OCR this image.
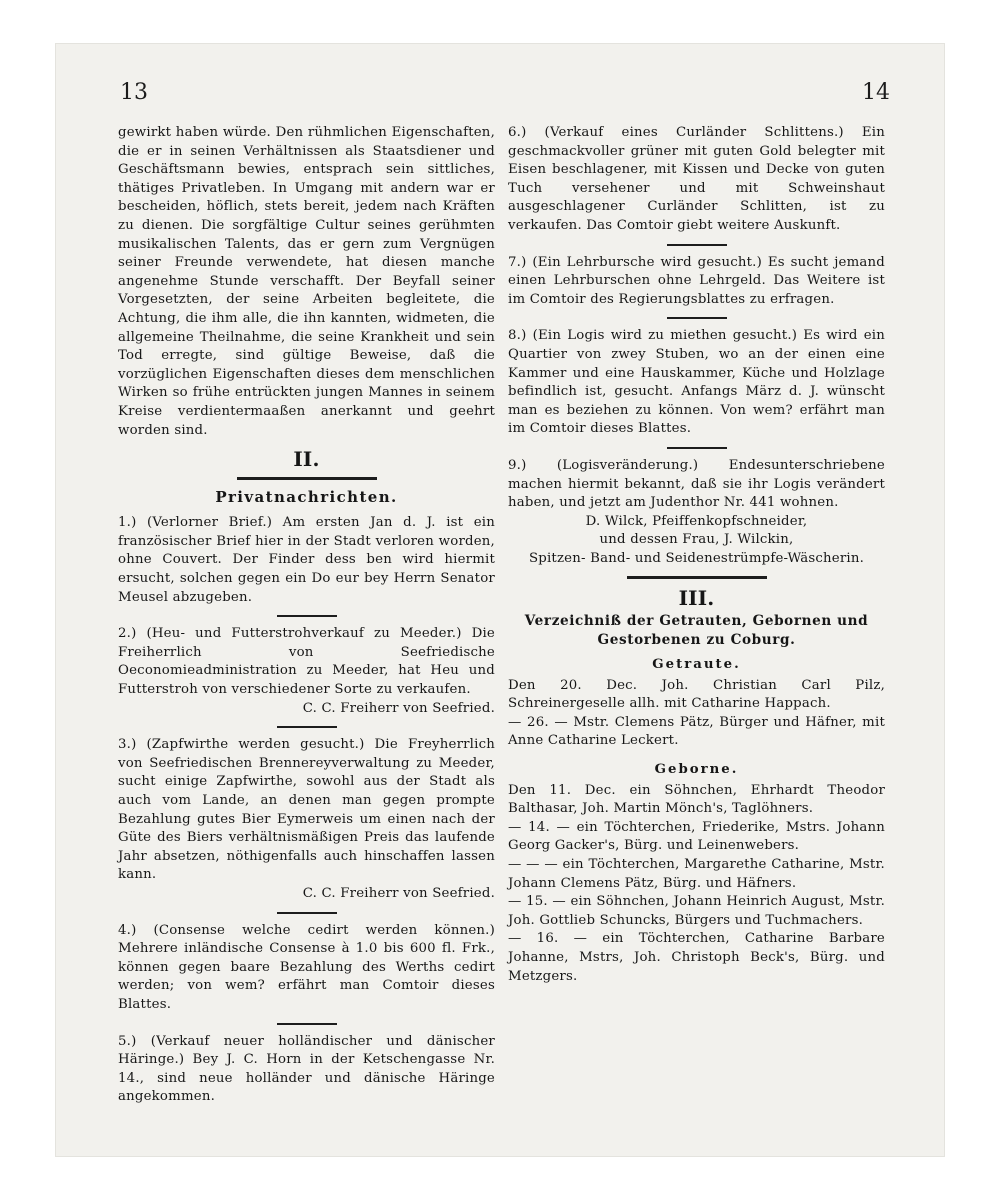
13	14
gewirkt haben würde. Den rühmlichen Eigenschaften, die er in seinen Verhältnissen als Staatsdiener und Geschäftsmann bewies, entsprach sein sittliches, thätiges Privatleben. In Umgang mit andern war er bescheiden, höflich, stets bereit, jedem nach Kräften zu dienen. Die sorgfältige Cultur seines gerühmten musikalischen Talents, das er gern zum Vergnügen seiner Freunde verwendete, hat diesen manche angenehme Stunde verschafft. Der Beyfall seiner Vorgesetzten, der seine Arbeiten begleitete, die Achtung, die ihm alle, die ihn kannten, widmeten, die allgemeine Theilnahme, die seine Krankheit und sein Tod erregte, sind gültige Beweise, daß die vorzüglichen Eigenschaften dieses dem menschlichen Wirken so frühe entrückten jungen Mannes in seinem Kreise verdientermaaßen anerkannt und geehrt worden sind.
II.
Privatnachrichten.
1.) (Verlorner Brief.) Am ersten Jan d. J. ist ein französischer Brief hier in der Stadt verloren worden, ohne Couvert. Der Finder dess ben wird hiermit ersucht, solchen gegen ein Do eur bey Herrn Senator Meusel abzugeben.
2.) (Heu- und Futterstrohverkauf zu Meeder.) Die Freiherrlich von Seefriedische Oeconomieadministration zu Meeder, hat Heu und Futterstroh von verschiedener Sorte zu verkaufen.
C. C. Freiherr von Seefried.
3.) (Zapfwirthe werden gesucht.) Die Freyherrlich von Seefriedischen Brennereyverwaltung zu Meeder, sucht einige Zapfwirthe, sowohl aus der Stadt als auch vom Lande, an denen man gegen prompte Bezahlung gutes Bier Eymerweis um einen nach der Güte des Biers verhältnismäßigen Preis das laufende Jahr absetzen, nöthigenfalls auch hinschaffen lassen kann.
C. C. Freiherr von Seefried.
4.) (Consense welche cedirt werden können.) Mehrere inländische Consense à 1.0 bis 600 fl. Frk., können gegen baare Bezahlung des Werths cedirt werden; von wem? erfährt man Comtoir dieses Blattes.
5.) (Verkauf neuer holländischer und dänischer Häringe.) Bey J. C. Horn in der Ketschengasse Nr. 14., sind neue holländer und dänische Häringe angekommen.
6.) (Verkauf eines Curländer Schlittens.) Ein geschmackvoller grüner mit guten Gold belegter mit Eisen beschlagener, mit Kissen und Decke von guten Tuch versehener und mit Schweinshaut ausgeschlagener Curländer Schlitten, ist zu verkaufen. Das Comtoir giebt weitere Auskunft.
7.) (Ein Lehrbursche wird gesucht.) Es sucht jemand einen Lehrburschen ohne Lehrgeld. Das Weitere ist im Comtoir des Regierungsblattes zu erfragen.
8.) (Ein Logis wird zu miethen gesucht.) Es wird ein Quartier von zwey Stuben, wo an der einen eine Kammer und eine Hauskammer, Küche und Holzlage befindlich ist, gesucht. Anfangs März d. J. wünscht man es beziehen zu können. Von wem? erfährt man im Comtoir dieses Blattes.
9.) (Logisveränderung.) Endesunterschriebene machen hiermit bekannt, daß sie ihr Logis verändert haben, und jetzt am Judenthor Nr. 441 wohnen.
D. Wilck, Pfeiffenkopfschneider,
und dessen Frau, J. Wilckin,
Spitzen- Band- und Seidenestrümpfe-Wäscherin.
III.
Verzeichniß der Getrauten, Gebornen und Gestorbenen zu Coburg.
Getraute.
Den 20. Dec. Joh. Christian Carl Pilz, Schreinergeselle allh. mit Catharine Happach.
— 26. — Mstr. Clemens Pätz, Bürger und Häfner, mit Anne Catharine Leckert.
Geborne.
Den 11. Dec. ein Söhnchen, Ehrhardt Theodor Balthasar, Joh. Martin Mönch's, Taglöhners.
— 14. — ein Töchterchen, Friederike, Mstrs. Johann Georg Gacker's, Bürg. und Leinenwebers.
— — — ein Töchterchen, Margarethe Catharine, Mstr. Johann Clemens Pätz, Bürg. und Häfners.
— 15. — ein Söhnchen, Johann Heinrich August, Mstr. Joh. Gottlieb Schuncks, Bürgers und Tuchmachers.
— 16. — ein Töchterchen, Catharine Barbare Johanne, Mstrs, Joh. Christoph Beck's, Bürg. und Metzgers.
